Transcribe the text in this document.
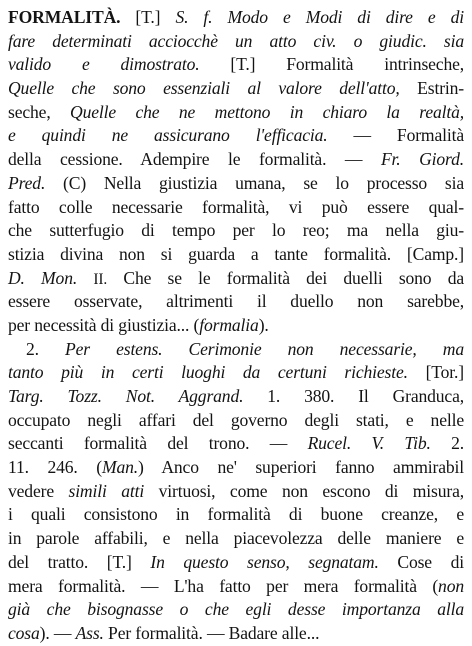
FORMALITÀ. [T.] S. f. Modo e Modi di dire e di
fare determinati acciocchè un atto civ. o giudic. sia
valido e dimostrato. [T.] Formalità intrinseche,
Quelle che sono essenziali al valore dell'atto, Estrin-
seche, Quelle che ne mettono in chiaro la realtà,
e quindi ne assicurano l'efficacia. — Formalità
della cessione. Adempire le formalità. — Fr. Giord.
Pred. (C) Nella giustizia umana, se lo processo sia
fatto colle necessarie formalità, vi può essere qual-
che sutterfugio di tempo per lo reo; ma nella giu-
stizia divina non si guarda a tante formalità. [Camp.]
D. Mon. II. Che se le formalità dei duelli sono da
essere osservate, altrimenti il duello non sarebbe,
per necessità di giustizia... (formalia).
2. Per estens. Cerimonie non necessarie, ma
tanto più in certi luoghi da certuni richieste. [Tor.]
Targ. Tozz. Not. Aggrand. 1. 380. Il Granduca,
occupato negli affari del governo degli stati, e nelle
seccanti formalità del trono. — Rucel. V. Tib. 2.
11. 246. (Man.) Anco ne' superiori fanno ammirabil
vedere simili atti virtuosi, come non escono di misura,
i quali consistono in formalità di buone creanze, e
in parole affabili, e nella piacevolezza delle maniere e
del tratto. [T.] In questo senso, segnatam. Cose di
mera formalità. — L'ha fatto per mera formalità (non
già che bisognasse o che egli desse importanza alla
cosa). — Ass. Per formalità. — Badare alle...
